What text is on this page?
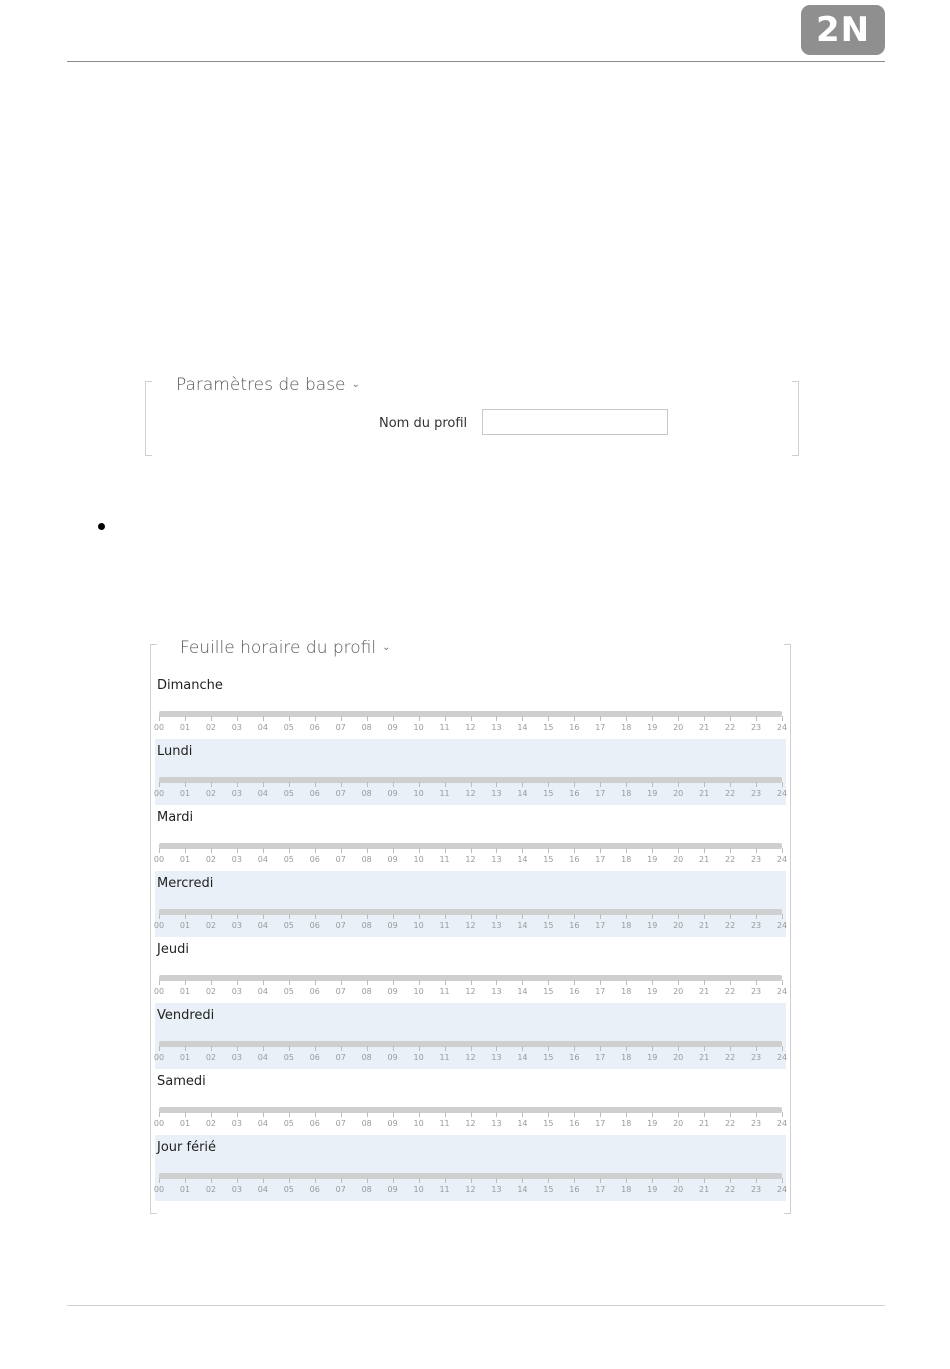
2N
Paramètres de base ⌄
Nom du profil
Feuille horaire du profil ⌄
Dimanche
00 01 02 03 04 05 06 07 08 09 10 11 12 13 14 15 16 17 18 19 20 21 22 23 24
Lundi
00 01 02 03 04 05 06 07 08 09 10 11 12 13 14 15 16 17 18 19 20 21 22 23 24
Mardi
00 01 02 03 04 05 06 07 08 09 10 11 12 13 14 15 16 17 18 19 20 21 22 23 24
Mercredi
00 01 02 03 04 05 06 07 08 09 10 11 12 13 14 15 16 17 18 19 20 21 22 23 24
Jeudi
00 01 02 03 04 05 06 07 08 09 10 11 12 13 14 15 16 17 18 19 20 21 22 23 24
Vendredi
00 01 02 03 04 05 06 07 08 09 10 11 12 13 14 15 16 17 18 19 20 21 22 23 24
Samedi
00 01 02 03 04 05 06 07 08 09 10 11 12 13 14 15 16 17 18 19 20 21 22 23 24
Jour férié
00 01 02 03 04 05 06 07 08 09 10 11 12 13 14 15 16 17 18 19 20 21 22 23 24
